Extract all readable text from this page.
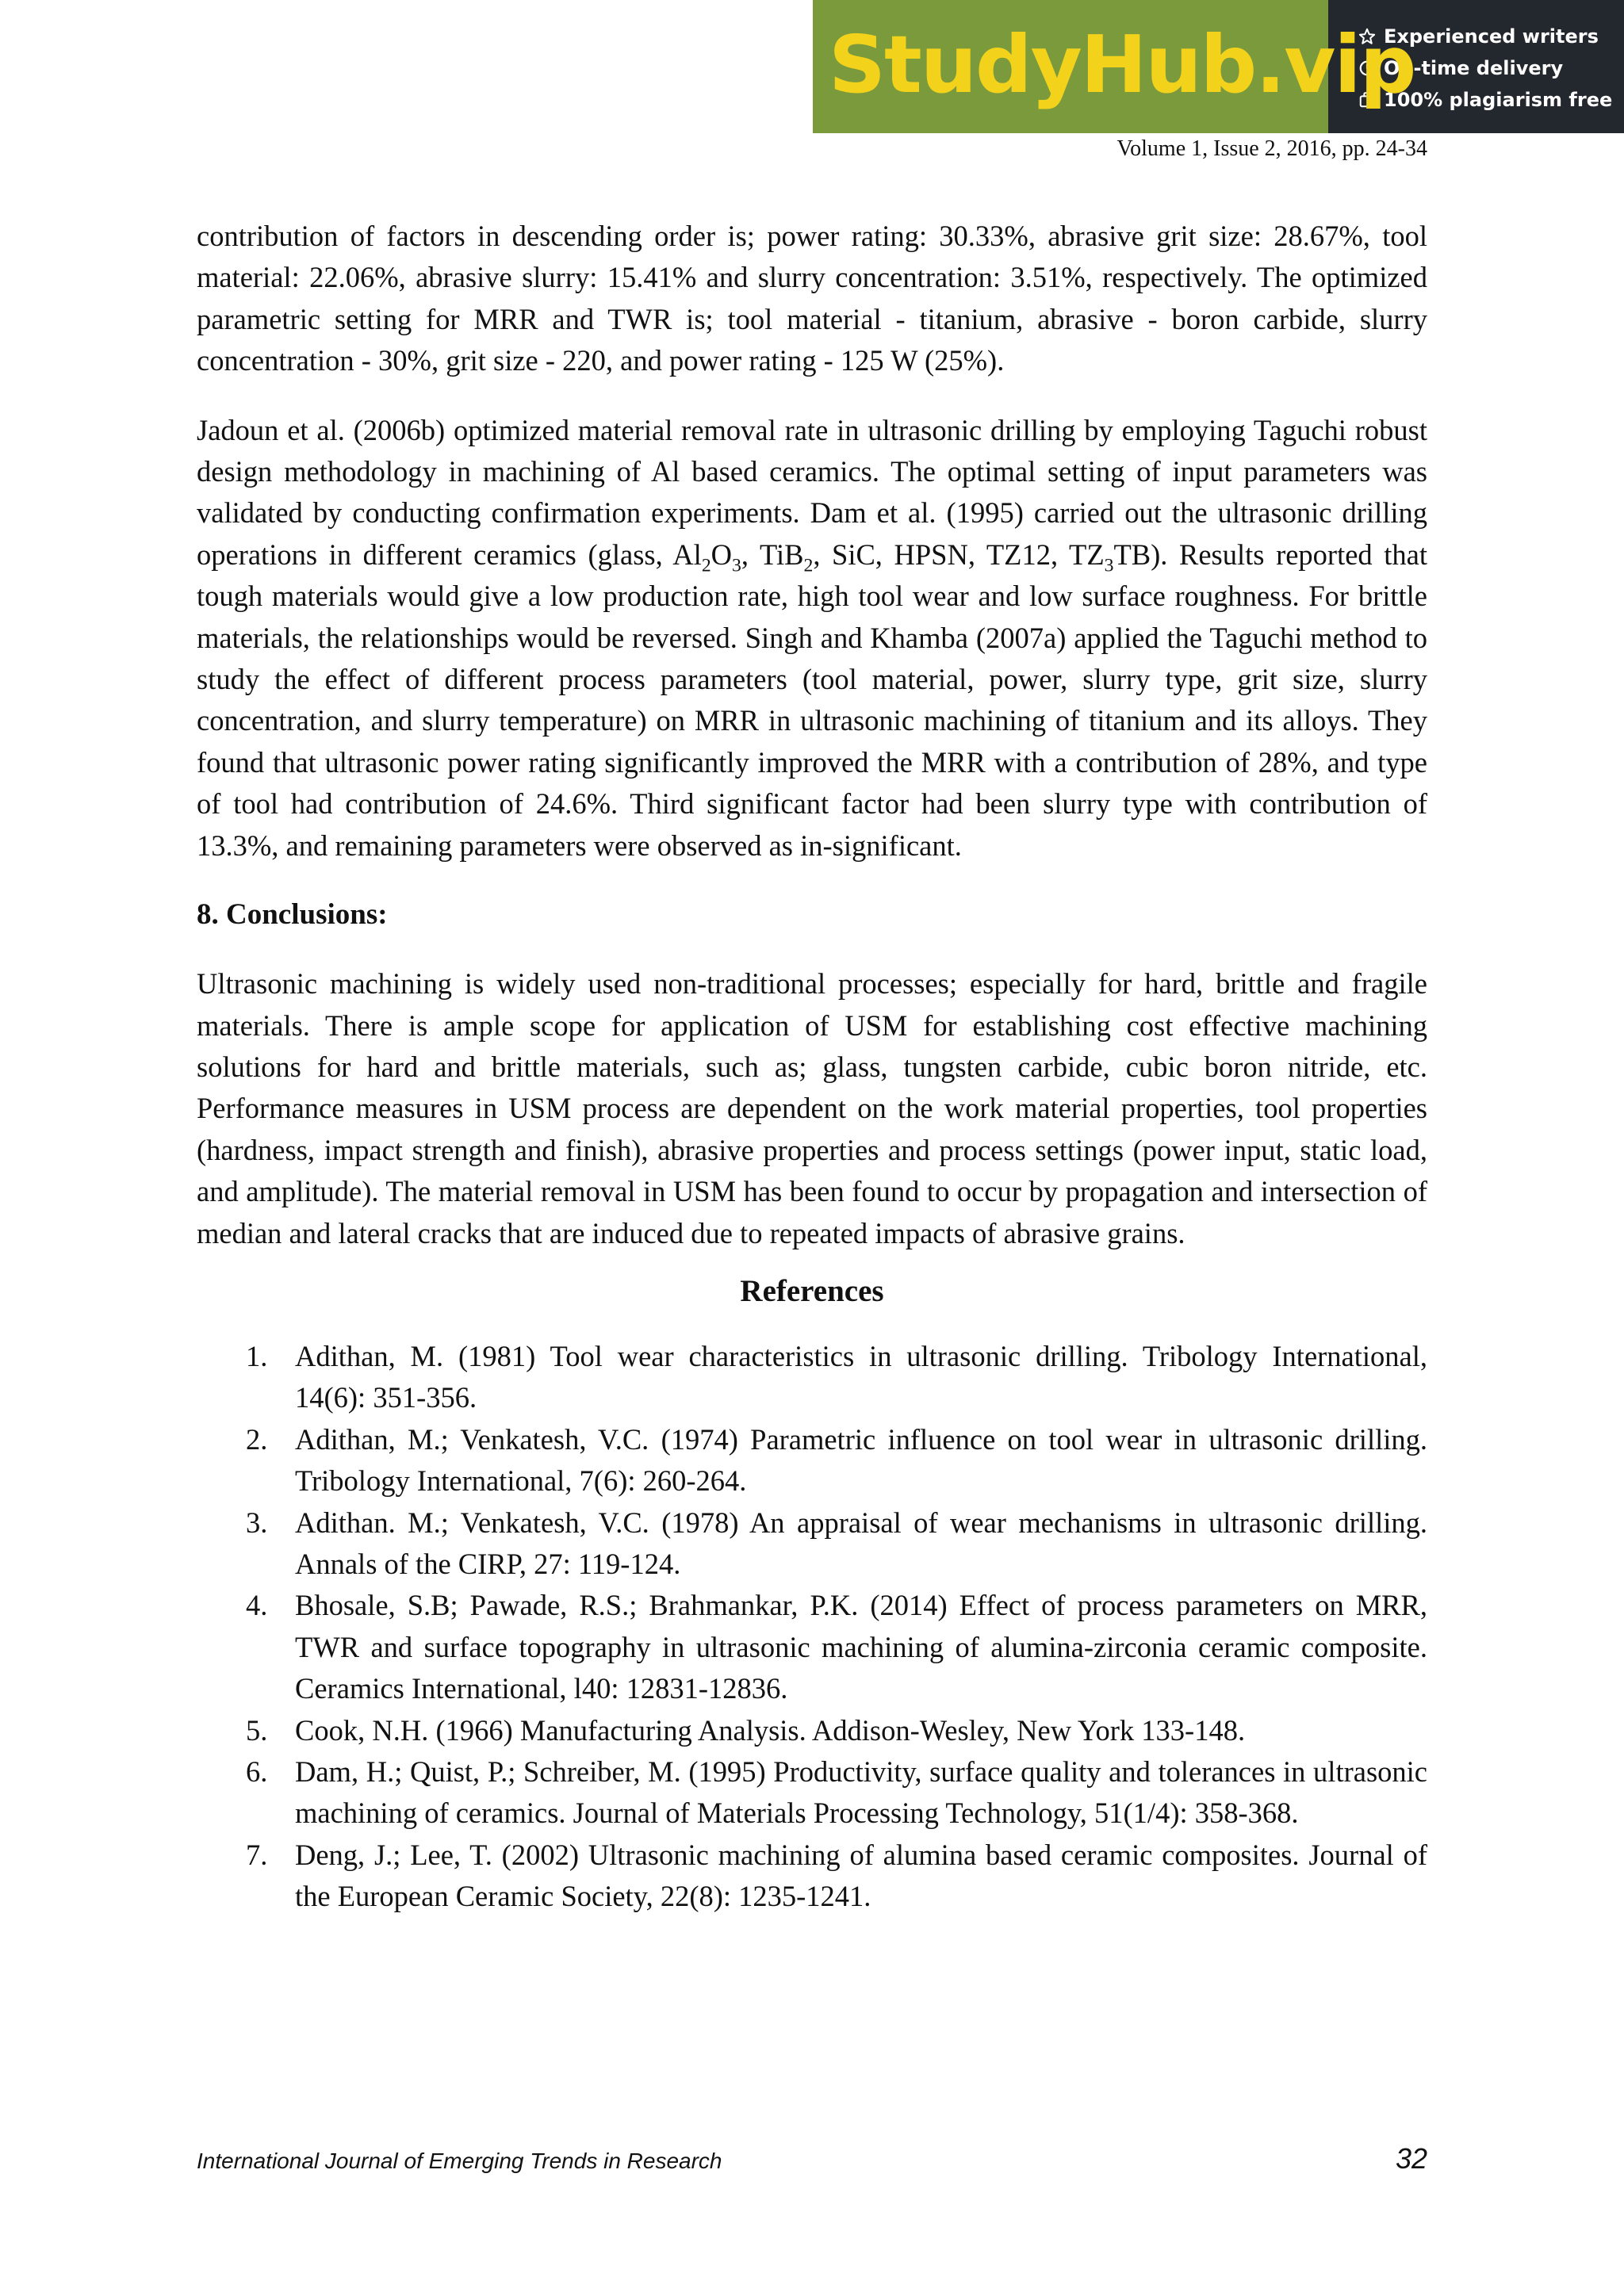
StudyHub.vip
Experienced writers
On-time delivery
100% plagiarism free
Volume 1, Issue 2, 2016, pp. 24-34

contribution of factors in descending order is; power rating: 30.33%, abrasive grit size: 28.67%, tool material: 22.06%, abrasive slurry: 15.41% and slurry concentration: 3.51%, respectively. The optimized parametric setting for MRR and TWR is; tool material - titanium, abrasive - boron carbide, slurry concentration - 30%, grit size - 220, and power rating - 125 W (25%).

Jadoun et al. (2006b) optimized material removal rate in ultrasonic drilling by employing Taguchi robust design methodology in machining of Al based ceramics. The optimal setting of input parameters was validated by conducting confirmation experiments. Dam et al. (1995) carried out the ultrasonic drilling operations in different ceramics (glass, $Al_2O_3$, TiB$_2$, SiC, HPSN, TZ12, $TZ_3TB$). Results reported that tough materials would give a low production rate, high tool wear and low surface roughness. For brittle materials, the relationships would be reversed. Singh and Khamba (2007a) applied the Taguchi method to study the effect of different process parameters (tool material, power, slurry type, grit size, slurry concentration, and slurry temperature) on MRR in ultrasonic machining of titanium and its alloys. They found that ultrasonic power rating significantly improved the MRR with a contribution of 28%, and type of tool had contribution of 24.6%. Third significant factor had been slurry type with contribution of 13.3%, and remaining parameters were observed as in-significant.

8. Conclusions:

Ultrasonic machining is widely used non-traditional processes; especially for hard, brittle and fragile materials. There is ample scope for application of USM for establishing cost effective machining solutions for hard and brittle materials, such as; glass, tungsten carbide, cubic boron nitride, etc. Performance measures in USM process are dependent on the work material properties, tool properties (hardness, impact strength and finish), abrasive properties and process settings (power input, static load, and amplitude). The material removal in USM has been found to occur by propagation and intersection of median and lateral cracks that are induced due to repeated impacts of abrasive grains.

References
1. Adithan, M. (1981) Tool wear characteristics in ultrasonic drilling. Tribology International, 14(6): 351-356.
2. Adithan, M.; Venkatesh, V.C. (1974) Parametric influence on tool wear in ultrasonic drilling. Tribology International, 7(6): 260-264.
3. Adithan. M.; Venkatesh, V.C. (1978) An appraisal of wear mechanisms in ultrasonic drilling. Annals of the CIRP, 27: 119-124.
4. Bhosale, S.B; Pawade, R.S.; Brahmankar, P.K. (2014) Effect of process parameters on MRR, TWR and surface topography in ultrasonic machining of alumina-zirconia ceramic composite. Ceramics International, l40: 12831-12836.
5. Cook, N.H. (1966) Manufacturing Analysis. Addison-Wesley, New York 133-148.
6. Dam, H.; Quist, P.; Schreiber, M. (1995) Productivity, surface quality and tolerances in ultrasonic machining of ceramics. Journal of Materials Processing Technology, 51(1/4): 358-368.
7. Deng, J.; Lee, T. (2002) Ultrasonic machining of alumina based ceramic composites. Journal of the European Ceramic Society, 22(8): 1235-1241.
International Journal of Emerging Trends in Research	32
